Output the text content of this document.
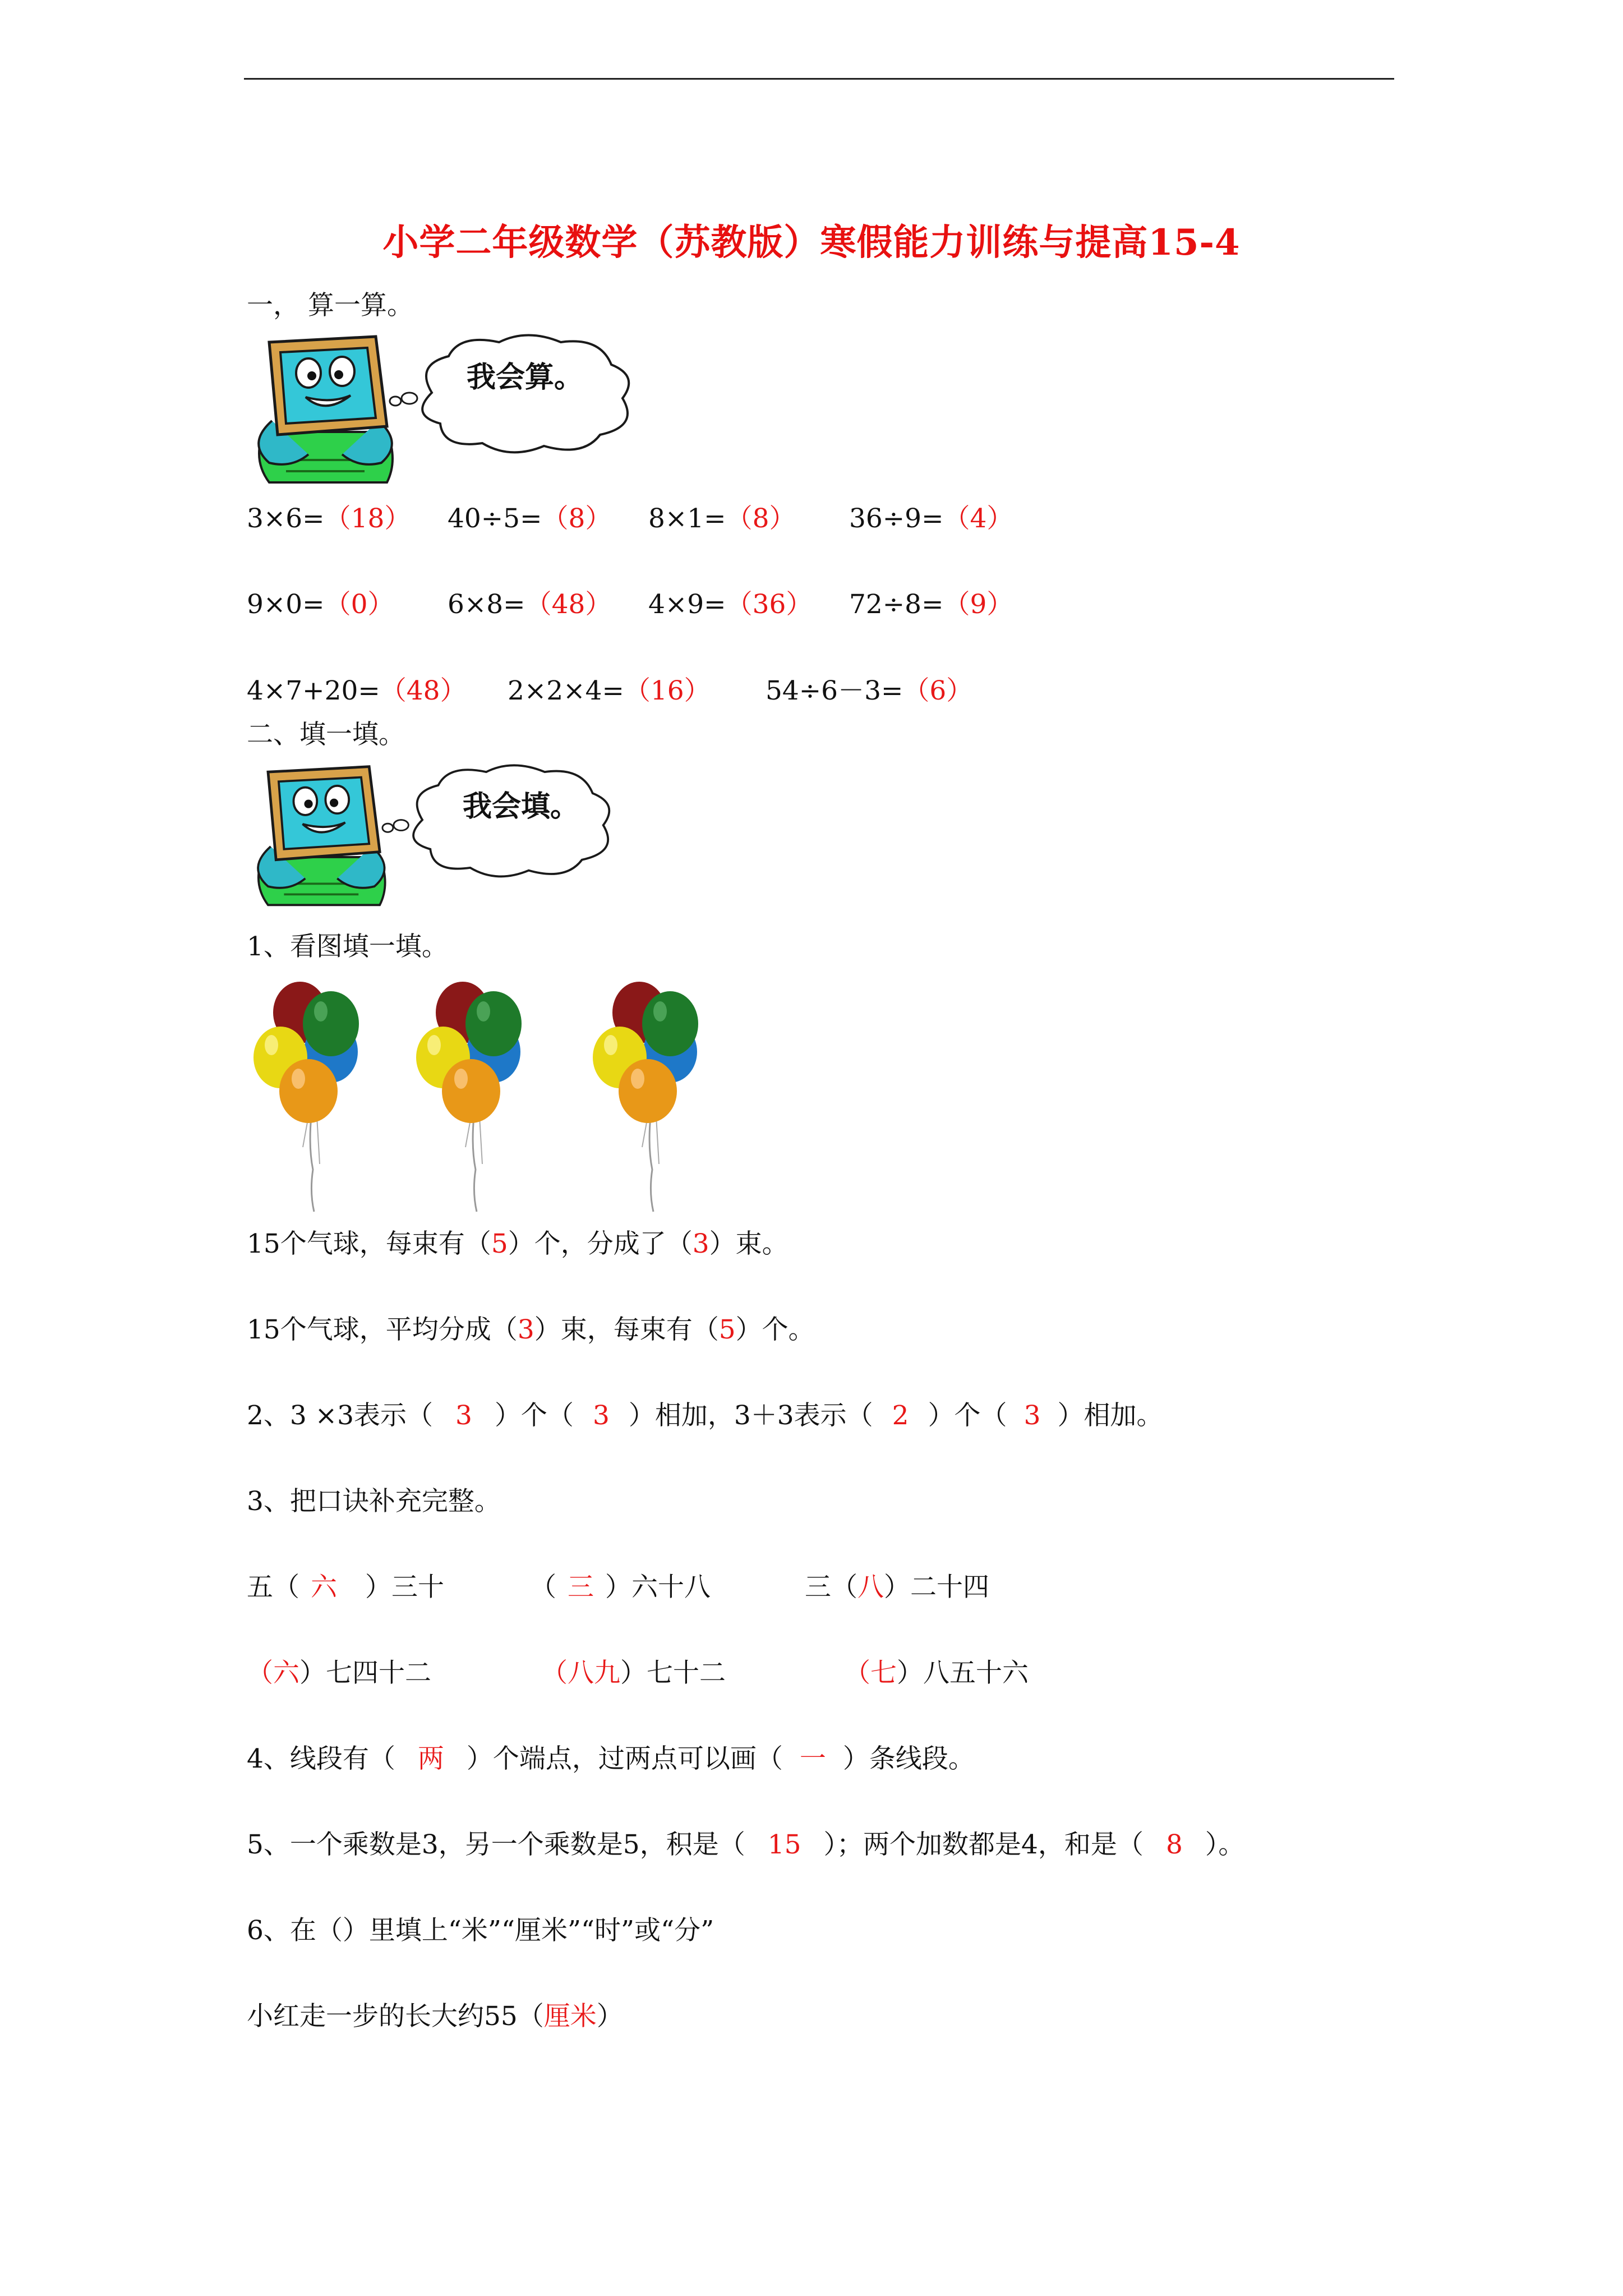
小学二年级数学（苏教版）寒假能力训练与提高15-4
一， 算一算。
我会算。
3×6=（18） 40÷5=（8） 8×1=（8） 36÷9=（4）
9×0=（0） 6×8=（48） 4×9=（36） 72÷8=（9）
4×7+20=（48） 2×2×4=（16） 54÷6－3=（6）
二、填一填。
我会填。
1、看图填一填。
15个气球，每束有（5）个，分成了（3）束。
15个气球，平均分成（3）束，每束有（5）个。
2、3 ×3表示（ 3 ）个（ 3 ）相加，3＋3表示（ 2 ）个（ 3 ）相加。
3、把口诀补充完整。
五（ 六 ）三十	（ 三 ）六十八	三（八）二十四
（六）七四十二	（八九）七十二	（七）八五十六
4、线段有（ 两 ）个端点，过两点可以画（ 一 ）条线段。
5、一个乘数是3，另一个乘数是5，积是（ 15 ）；两个加数都是4，和是（ 8 ）。
6、在（）里填上“米”“厘米”“时”或“分”
小红走一步的长大约55（厘米）
